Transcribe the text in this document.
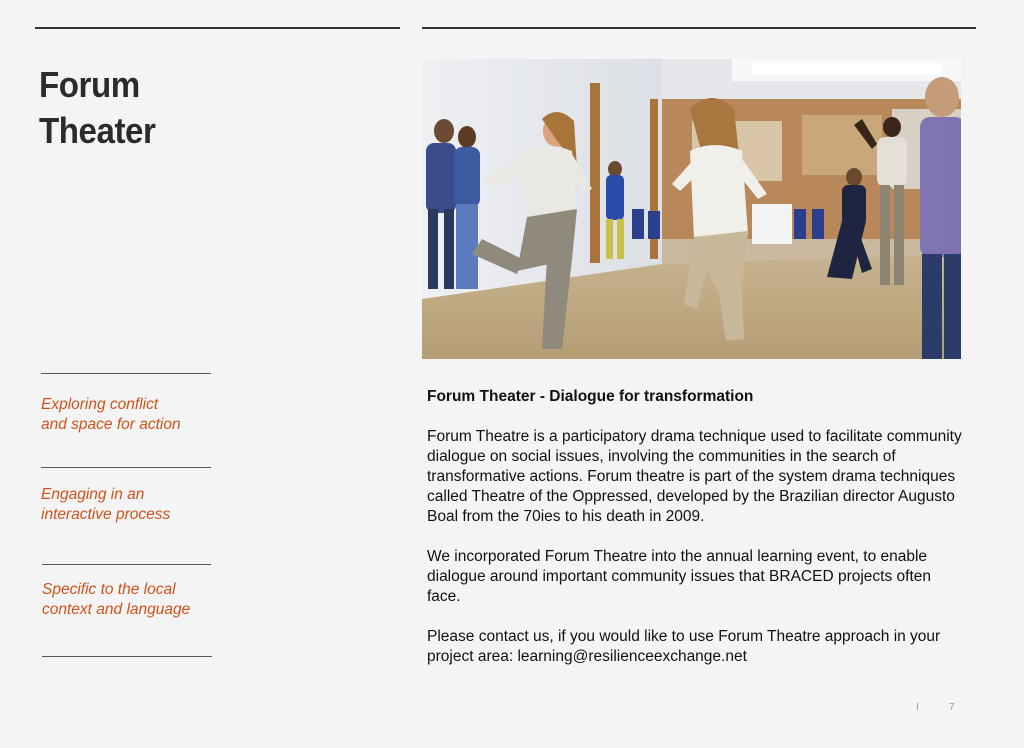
Forum
Theater
Exploring conflict
and space for action
Engaging in an
interactive process
Specific to the local
context and language

Forum Theater - Dialogue for transformation

Forum Theatre is a participatory drama technique used to facilitate community dialogue on social issues, involving the communities in the search of transformative actions. Forum theatre is part of the system drama techniques called Theatre of the Oppressed, developed by the Brazilian director Augusto Boal from the 70ies to his death in 2009.

We incorporated Forum Theatre into the annual learning event, to enable dialogue around important community issues that BRACED projects often face.

Please contact us, if you would like to use Forum Theatre approach in your project area: learning@resilienceexchange.net

I	7
